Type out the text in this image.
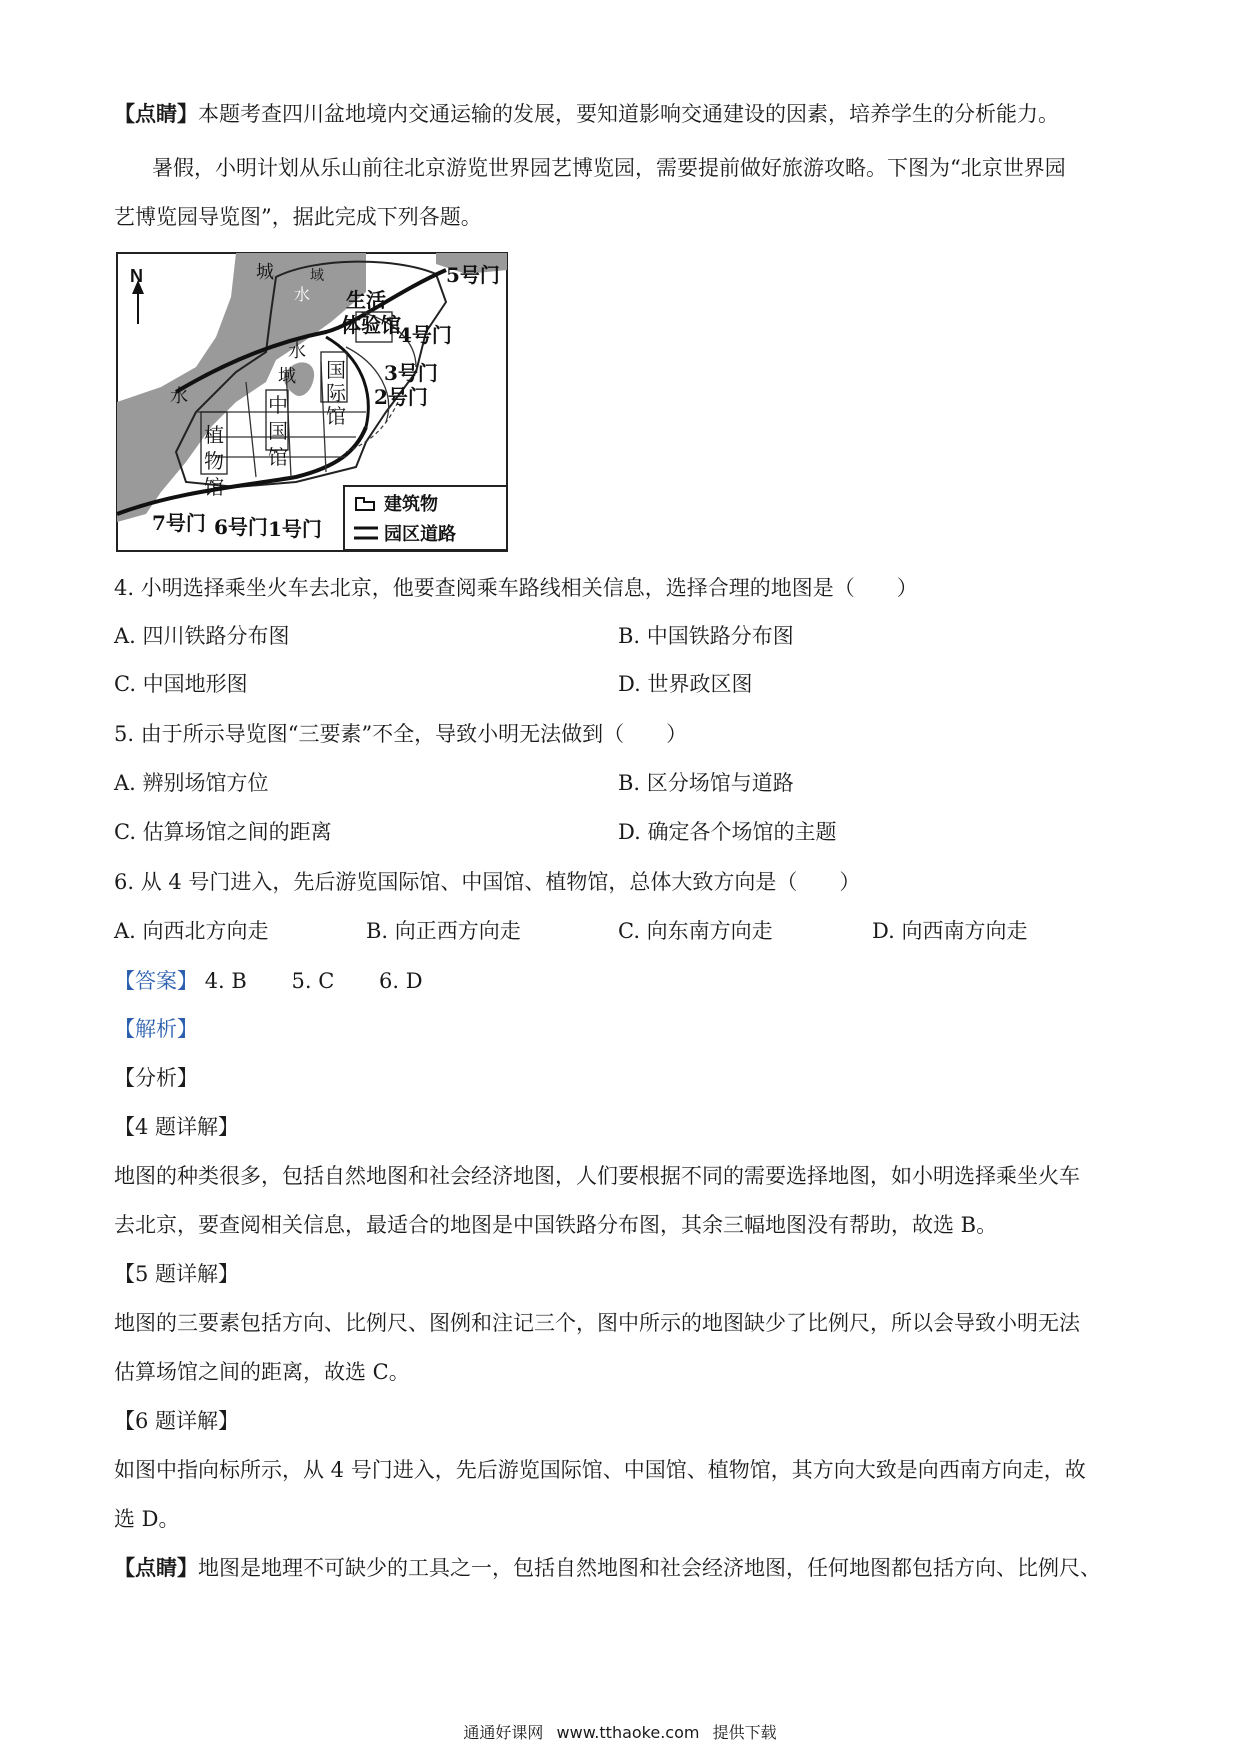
【点睛】本题考查四川盆地境内交通运输的发展，要知道影响交通建设的因素，培养学生的分析能力。
暑假，小明计划从乐山前往北京游览世界园艺博览园，需要提前做好旅游攻略。下图为“北京世界园
艺博览园导览图”，据此完成下列各题。
N	城
水
域
生活
体验馆
5号门
4号门
3号门
2号门
7号门 6号门 1号门
水
水
域 国 际 馆
中 国 馆
植 物 馆
建筑物
园区道路
4. 小明选择乘坐火车去北京，他要查阅乘车路线相关信息，选择合理的地图是（　　）
A. 四川铁路分布图	B. 中国铁路分布图
C. 中国地形图	D. 世界政区图
5. 由于所示导览图“三要素”不全，导致小明无法做到（　　）
A. 辨别场馆方位	B. 区分场馆与道路
C. 估算场馆之间的距离	D. 确定各个场馆的主题
6. 从 4 号门进入，先后游览国际馆、中国馆、植物馆，总体大致方向是（　　）
A. 向西北方向走	B. 向正西方向走	C. 向东南方向走	D. 向西南方向走
【答案】 4. B 5. C 6. D
【解析】
【分析】
【4 题详解】
地图的种类很多，包括自然地图和社会经济地图，人们要根据不同的需要选择地图，如小明选择乘坐火车
去北京，要查阅相关信息，最适合的地图是中国铁路分布图，其余三幅地图没有帮助，故选 B。
【5 题详解】
地图的三要素包括方向、比例尺、图例和注记三个，图中所示的地图缺少了比例尺，所以会导致小明无法
估算场馆之间的距离，故选 C。
【6 题详解】
如图中指向标所示，从 4 号门进入，先后游览国际馆、中国馆、植物馆，其方向大致是向西南方向走，故
选 D。
【点睛】地图是地理不可缺少的工具之一，包括自然地图和社会经济地图，任何地图都包括方向、比例尺、
通通好课网 www.tthaoke.com 提供下载
